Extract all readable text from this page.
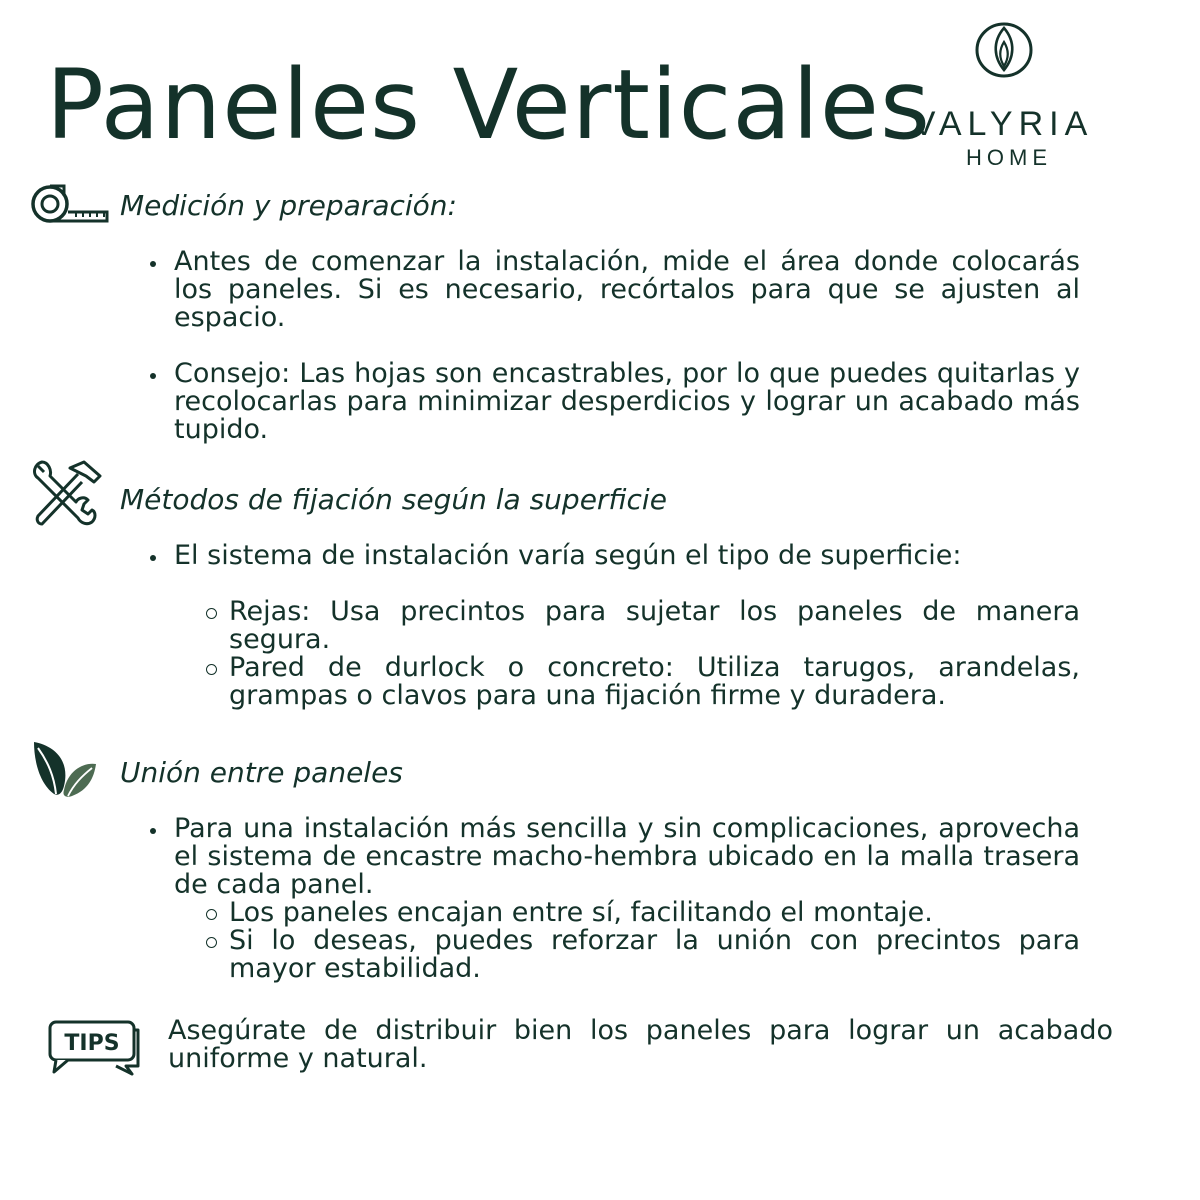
Paneles Verticales
VALYRIA
HOME
Medición y preparación:
Antes de comenzar la instalación, mide el área donde colocarás los paneles. Si es necesario, recórtalos para que se ajusten al espacio.
Consejo: Las hojas son encastrables, por lo que puedes quitarlas y recolocarlas para minimizar desperdicios y lograr un acabado más tupido.
Métodos de fijación según la superficie
El sistema de instalación varía según el tipo de superficie:
Rejas: Usa precintos para sujetar los paneles de manera segura.
Pared de durlock o concreto: Utiliza tarugos, arandelas, grampas o clavos para una fijación firme y duradera.
Unión entre paneles
Para una instalación más sencilla y sin complicaciones, aprovecha el sistema de encastre macho-hembra ubicado en la malla trasera de cada panel.
Los paneles encajan entre sí, facilitando el montaje.
Si lo deseas, puedes reforzar la unión con precintos para mayor estabilidad.
TIPS Asegúrate de distribuir bien los paneles para lograr un acabado uniforme y natural.
